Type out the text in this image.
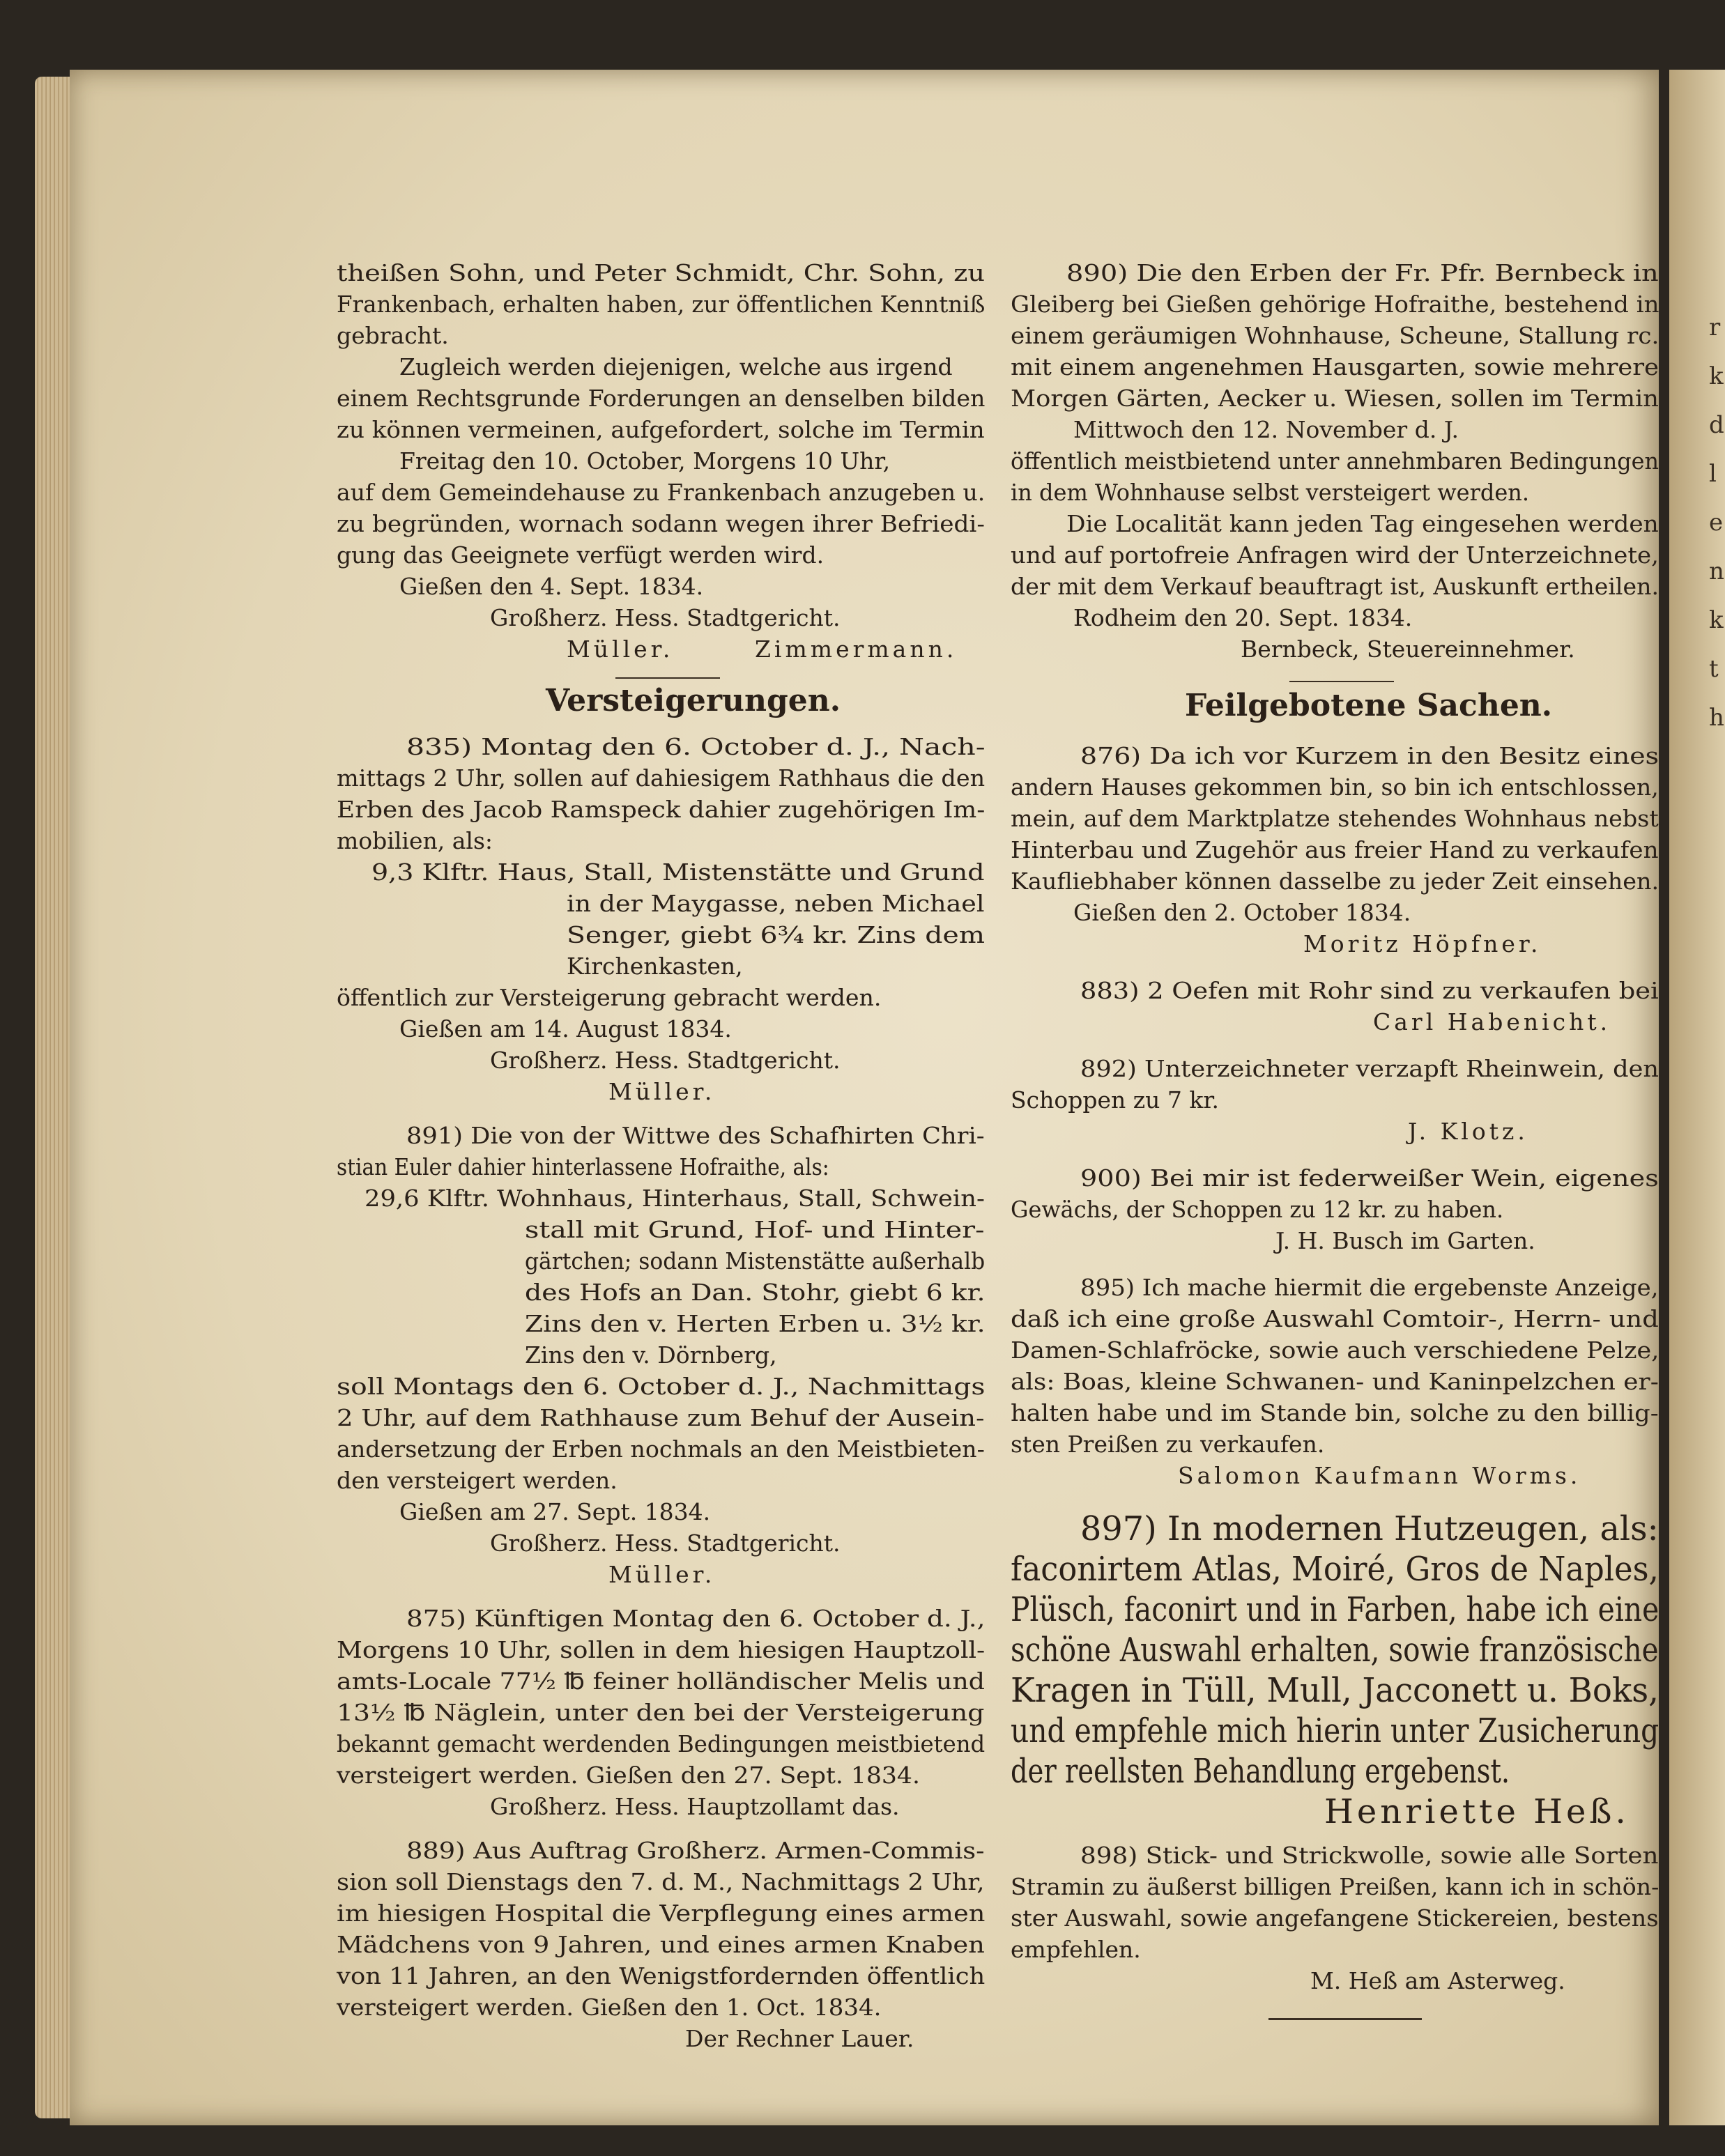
theißen Sohn, und Peter Schmidt, Chr. Sohn, zu
Frankenbach, erhalten haben, zur öffentlichen Kenntniß
gebracht.
Zugleich werden diejenigen, welche aus irgend
einem Rechtsgrunde Forderungen an denselben bilden
zu können vermeinen, aufgefordert, solche im Termin
Freitag den 10. October, Morgens 10 Uhr,
auf dem Gemeindehause zu Frankenbach anzugeben u.
zu begründen, wornach sodann wegen ihrer Befriedi-
gung das Geeignete verfügt werden wird.
Gießen den 4. Sept. 1834.
Großherz. Hess. Stadtgericht.
Müller.	Zimmermann.
Versteigerungen.
835) Montag den 6. October d. J., Nach-
mittags 2 Uhr, sollen auf dahiesigem Rathhaus die den
Erben des Jacob Ramspeck dahier zugehörigen Im-
mobilien, als:
9,3 Klftr. Haus, Stall, Mistenstätte und Grund
in der Maygasse, neben Michael
Senger, giebt 6¾ kr. Zins dem
Kirchenkasten,
öffentlich zur Versteigerung gebracht werden.
Gießen am 14. August 1834.
Großherz. Hess. Stadtgericht.
Müller.
891) Die von der Wittwe des Schafhirten Chri-
stian Euler dahier hinterlassene Hofraithe, als:
29,6 Klftr. Wohnhaus, Hinterhaus, Stall, Schwein-
stall mit Grund, Hof- und Hinter-
gärtchen; sodann Mistenstätte außerhalb
des Hofs an Dan. Stohr, giebt 6 kr.
Zins den v. Herten Erben u. 3½ kr.
Zins den v. Dörnberg,
soll Montags den 6. October d. J., Nachmittags
2 Uhr, auf dem Rathhause zum Behuf der Ausein-
andersetzung der Erben nochmals an den Meistbieten-
den versteigert werden.
Gießen am 27. Sept. 1834.
Großherz. Hess. Stadtgericht.
Müller.
875) Künftigen Montag den 6. October d. J.,
Morgens 10 Uhr, sollen in dem hiesigen Hauptzoll-
amts-Locale 77½ ℔ feiner holländischer Melis und
13½ ℔ Näglein, unter den bei der Versteigerung
bekannt gemacht werdenden Bedingungen meistbietend
versteigert werden. Gießen den 27. Sept. 1834.
Großherz. Hess. Hauptzollamt das.
889) Aus Auftrag Großherz. Armen-Commis-
sion soll Dienstags den 7. d. M., Nachmittags 2 Uhr,
im hiesigen Hospital die Verpflegung eines armen
Mädchens von 9 Jahren, und eines armen Knaben
von 11 Jahren, an den Wenigstfordernden öffentlich
versteigert werden. Gießen den 1. Oct. 1834.
Der Rechner Lauer.
890) Die den Erben der Fr. Pfr. Bernbeck in
Gleiberg bei Gießen gehörige Hofraithe, bestehend in
einem geräumigen Wohnhause, Scheune, Stallung rc.
mit einem angenehmen Hausgarten, sowie mehrere
Morgen Gärten, Aecker u. Wiesen, sollen im Termin
Mittwoch den 12. November d. J.
öffentlich meistbietend unter annehmbaren Bedingungen
in dem Wohnhause selbst versteigert werden.
Die Localität kann jeden Tag eingesehen werden
und auf portofreie Anfragen wird der Unterzeichnete,
der mit dem Verkauf beauftragt ist, Auskunft ertheilen.
Rodheim den 20. Sept. 1834.
Bernbeck, Steuereinnehmer.
Feilgebotene Sachen.
876) Da ich vor Kurzem in den Besitz eines
andern Hauses gekommen bin, so bin ich entschlossen,
mein, auf dem Marktplatze stehendes Wohnhaus nebst
Hinterbau und Zugehör aus freier Hand zu verkaufen
Kaufliebhaber können dasselbe zu jeder Zeit einsehen.
Gießen den 2. October 1834.
Moritz Höpfner.
883) 2 Oefen mit Rohr sind zu verkaufen bei
Carl Habenicht.
892) Unterzeichneter verzapft Rheinwein, den
Schoppen zu 7 kr.
J. Klotz.
900) Bei mir ist federweißer Wein, eigenes
Gewächs, der Schoppen zu 12 kr. zu haben.
J. H. Busch im Garten.
895) Ich mache hiermit die ergebenste Anzeige,
daß ich eine große Auswahl Comtoir-, Herrn- und
Damen-Schlafröcke, sowie auch verschiedene Pelze,
als: Boas, kleine Schwanen- und Kaninpelzchen er-
halten habe und im Stande bin, solche zu den billig-
sten Preißen zu verkaufen.
Salomon Kaufmann Worms.
897) In modernen Hutzeugen, als:
faconirtem Atlas, Moiré, Gros de Naples,
Plüsch, faconirt und in Farben, habe ich eine
schöne Auswahl erhalten, sowie französische
Kragen in Tüll, Mull, Jacconett u. Boks,
und empfehle mich hierin unter Zusicherung
der reellsten Behandlung ergebenst.
Henriette Heß.
898) Stick- und Strickwolle, sowie alle Sorten
Stramin zu äußerst billigen Preißen, kann ich in schön-
ster Auswahl, sowie angefangene Stickereien, bestens
empfehlen.
M. Heß am Asterweg.
r
k
d
l
e
n
k
t
h
